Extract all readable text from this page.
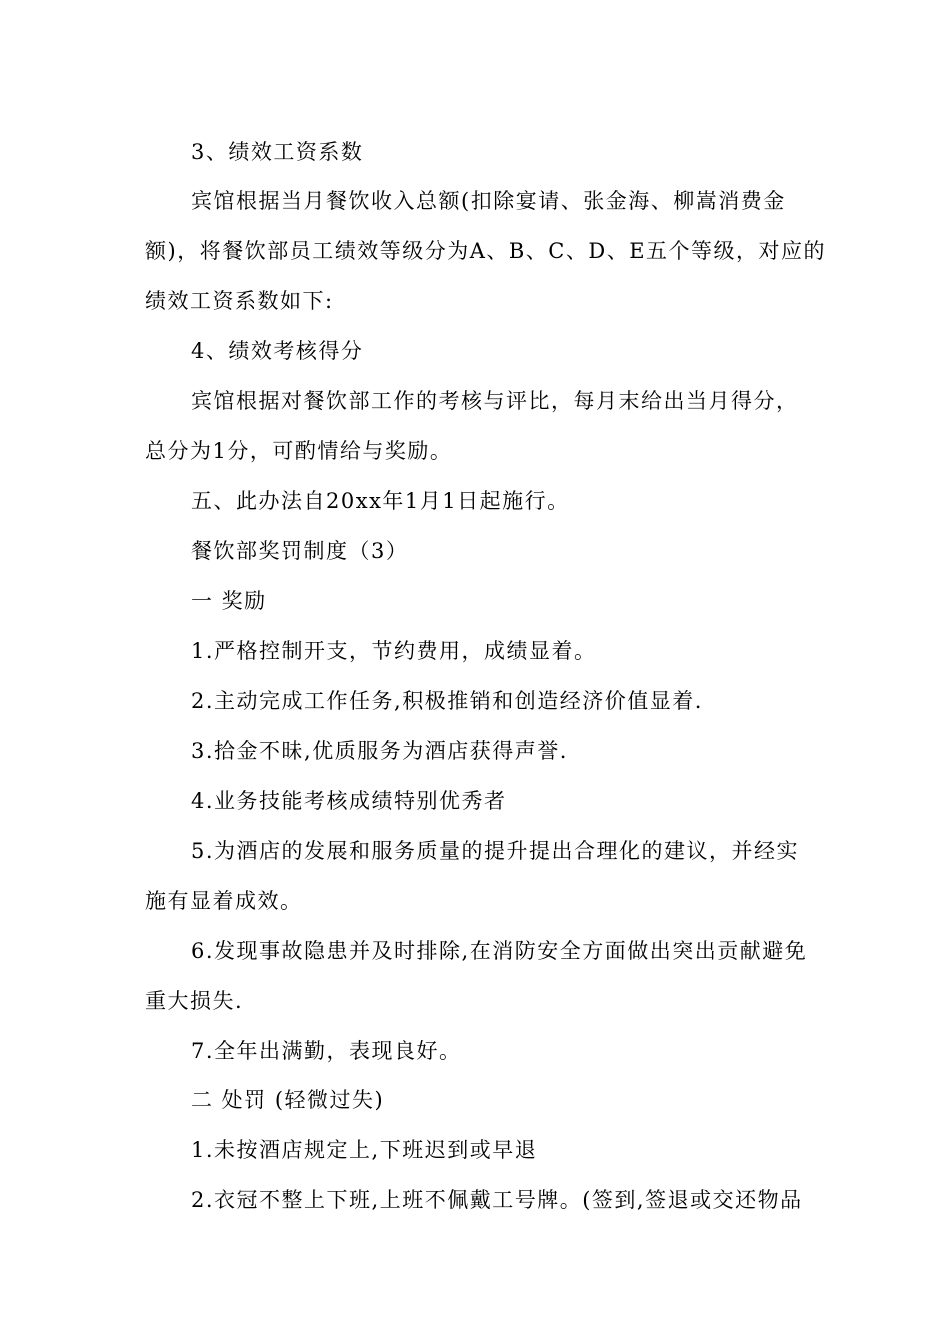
3、绩效工资系数
宾馆根据当月餐饮收入总额(扣除宴请、张金海、柳嵩消费金
额)，将餐饮部员工绩效等级分为A、B、C、D、E五个等级，对应的
绩效工资系数如下:
4、绩效考核得分
宾馆根据对餐饮部工作的考核与评比，每月末给出当月得分，
总分为1分，可酌情给与奖励。
五、此办法自20xx年1月1日起施行。
餐饮部奖罚制度（3）
一 奖励
1.严格控制开支，节约费用，成绩显着。
2.主动完成工作任务,积极推销和创造经济价值显着.
3.拾金不昧,优质服务为酒店获得声誉.
4.业务技能考核成绩特别优秀者
5.为酒店的发展和服务质量的提升提出合理化的建议，并经实
施有显着成效。
6.发现事故隐患并及时排除,在消防安全方面做出突出贡献避免
重大损失.
7.全年出满勤，表现良好。
二 处罚 (轻微过失)
1.未按酒店规定上,下班迟到或早退
2.衣冠不整上下班,上班不佩戴工号牌。(签到,签退或交还物品
